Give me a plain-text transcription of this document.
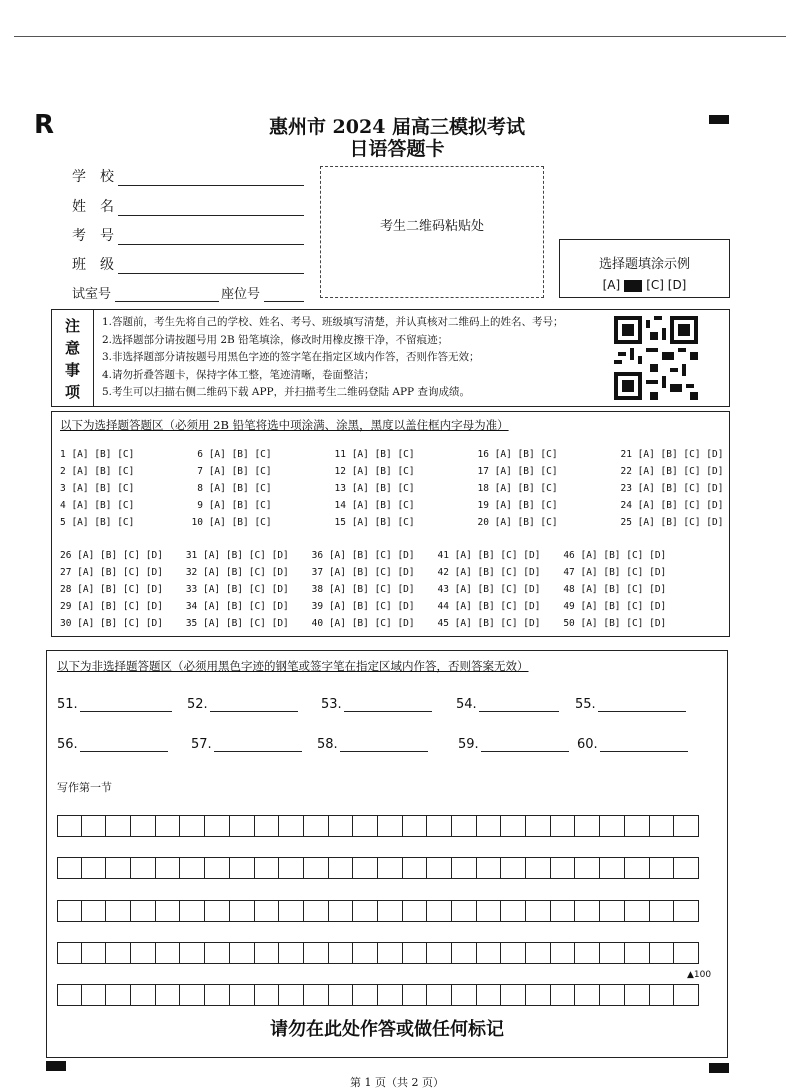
R	惠州市 2024 届高三模拟考试
日语答题卡
学　校
姓　名
考　号
班　级
试室号	座位号
考生二维码粘贴处
选择题填涂示例
[A] [C] [D]
注
意
事
项
1.答题前，考生先将自己的学校、姓名、考号、班级填写清楚，并认真核对二维码上的姓名、考号；
2.选择题部分请按题号用 2B 铅笔填涂，修改时用橡皮擦干净，不留痕迹；
3.非选择题部分请按题号用黑色字迹的签字笔在指定区域内作答，否则作答无效；
4.请勿折叠答题卡，保持字体工整，笔迹清晰，卷面整洁；
5.考生可以扫描右侧二维码下载 APP，并扫描考生二维码登陆 APP 查询成绩。
以下为选择题答题区（必须用 2B 铅笔将选中项涂满、涂黑，黑度以盖住框内字母为准）
1 [A] [B] [C]           6 [A] [B] [C]           11 [A] [B] [C]           16 [A] [B] [C]           21 [A] [B] [C] [D]
2 [A] [B] [C]           7 [A] [B] [C]           12 [A] [B] [C]           17 [A] [B] [C]           22 [A] [B] [C] [D]
3 [A] [B] [C]           8 [A] [B] [C]           13 [A] [B] [C]           18 [A] [B] [C]           23 [A] [B] [C] [D]
4 [A] [B] [C]           9 [A] [B] [C]           14 [A] [B] [C]           19 [A] [B] [C]           24 [A] [B] [C] [D]
5 [A] [B] [C]          10 [A] [B] [C]           15 [A] [B] [C]           20 [A] [B] [C]           25 [A] [B] [C] [D]
26 [A] [B] [C] [D]    31 [A] [B] [C] [D]    36 [A] [B] [C] [D]    41 [A] [B] [C] [D]    46 [A] [B] [C] [D]
27 [A] [B] [C] [D]    32 [A] [B] [C] [D]    37 [A] [B] [C] [D]    42 [A] [B] [C] [D]    47 [A] [B] [C] [D]
28 [A] [B] [C] [D]    33 [A] [B] [C] [D]    38 [A] [B] [C] [D]    43 [A] [B] [C] [D]    48 [A] [B] [C] [D]
29 [A] [B] [C] [D]    34 [A] [B] [C] [D]    39 [A] [B] [C] [D]    44 [A] [B] [C] [D]    49 [A] [B] [C] [D]
30 [A] [B] [C] [D]    35 [A] [B] [C] [D]    40 [A] [B] [C] [D]    45 [A] [B] [C] [D]    50 [A] [B] [C] [D]
以下为非选择题答题区（必须用黑色字迹的钢笔或签字笔在指定区域内作答，否则答案无效）
51.	52.	53.	54.	55.
56.	57.	58.	59.	60.
写作第一节
▲100
请勿在此处作答或做任何标记
第 1 页（共 2 页）
